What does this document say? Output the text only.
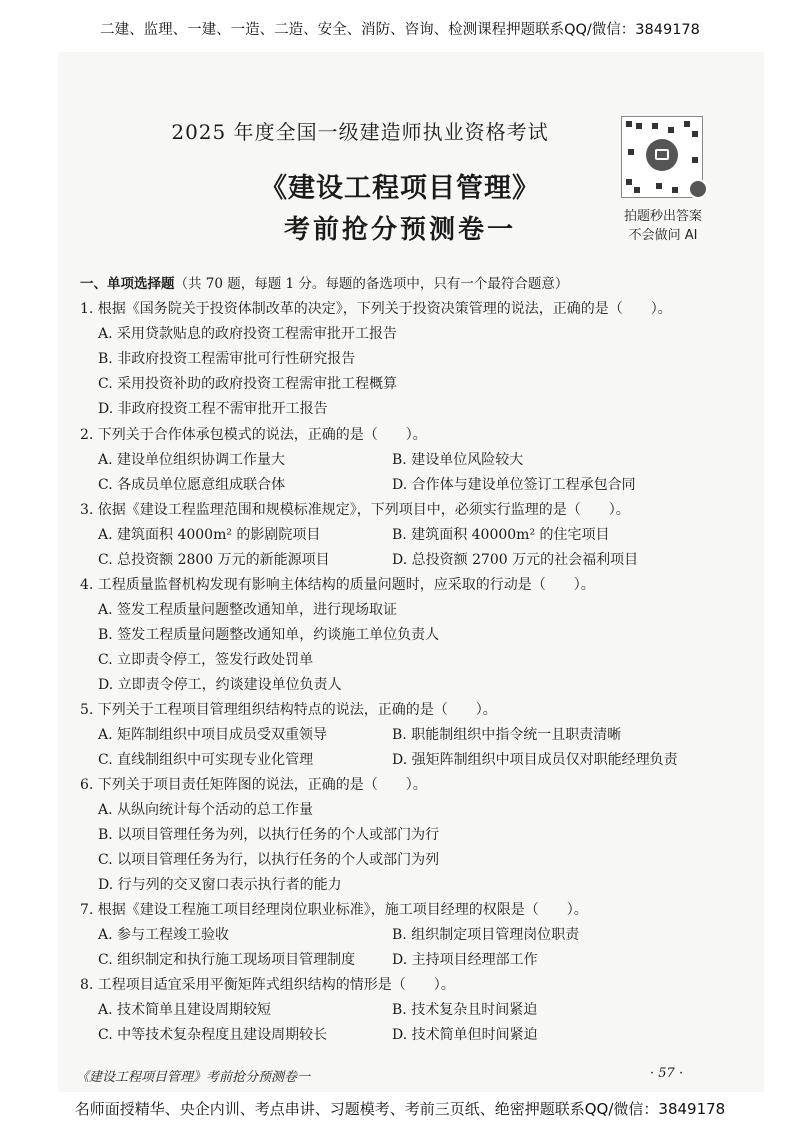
二建、监理、一建、一造、二造、安全、消防、咨询、检测课程押题联系QQ/微信：3849178
2025 年度全国一级建造师执业资格考试
《建设工程项目管理》
考前抢分预测卷一	拍题秒出答案
不会做问 AI
一、单项选择题（共 70 题，每题 1 分。每题的备选项中，只有一个最符合题意）
1. 根据《国务院关于投资体制改革的决定》，下列关于投资决策管理的说法，正确的是（　　）。
A. 采用贷款贴息的政府投资工程需审批开工报告
B. 非政府投资工程需审批可行性研究报告
C. 采用投资补助的政府投资工程需审批工程概算
D. 非政府投资工程不需审批开工报告
2. 下列关于合作体承包模式的说法，正确的是（　　）。
A. 建设单位组织协调工作量大	B. 建设单位风险较大
C. 各成员单位愿意组成联合体	D. 合作体与建设单位签订工程承包合同
3. 依据《建设工程监理范围和规模标准规定》，下列项目中，必须实行监理的是（　　）。
A. 建筑面积 4000m² 的影剧院项目	B. 建筑面积 40000m² 的住宅项目
C. 总投资额 2800 万元的新能源项目	D. 总投资额 2700 万元的社会福利项目
4. 工程质量监督机构发现有影响主体结构的质量问题时，应采取的行动是（　　）。
A. 签发工程质量问题整改通知单，进行现场取证
B. 签发工程质量问题整改通知单，约谈施工单位负责人
C. 立即责令停工，签发行政处罚单
D. 立即责令停工，约谈建设单位负责人
5. 下列关于工程项目管理组织结构特点的说法，正确的是（　　）。
A. 矩阵制组织中项目成员受双重领导	B. 职能制组织中指令统一且职责清晰
C. 直线制组织中可实现专业化管理	D. 强矩阵制组织中项目成员仅对职能经理负责
6. 下列关于项目责任矩阵图的说法，正确的是（　　）。
A. 从纵向统计每个活动的总工作量
B. 以项目管理任务为列，以执行任务的个人或部门为行
C. 以项目管理任务为行，以执行任务的个人或部门为列
D. 行与列的交叉窗口表示执行者的能力
7. 根据《建设工程施工项目经理岗位职业标准》，施工项目经理的权限是（　　）。
A. 参与工程竣工验收	B. 组织制定项目管理岗位职责
C. 组织制定和执行施工现场项目管理制度	D. 主持项目经理部工作
8. 工程项目适宜采用平衡矩阵式组织结构的情形是（　　）。
A. 技术简单且建设周期较短	B. 技术复杂且时间紧迫
C. 中等技术复杂程度且建设周期较长	D. 技术简单但时间紧迫
《建设工程项目管理》考前抢分预测卷一	· 57 ·
名师面授精华、央企内训、考点串讲、习题模考、考前三页纸、绝密押题联系QQ/微信：3849178
